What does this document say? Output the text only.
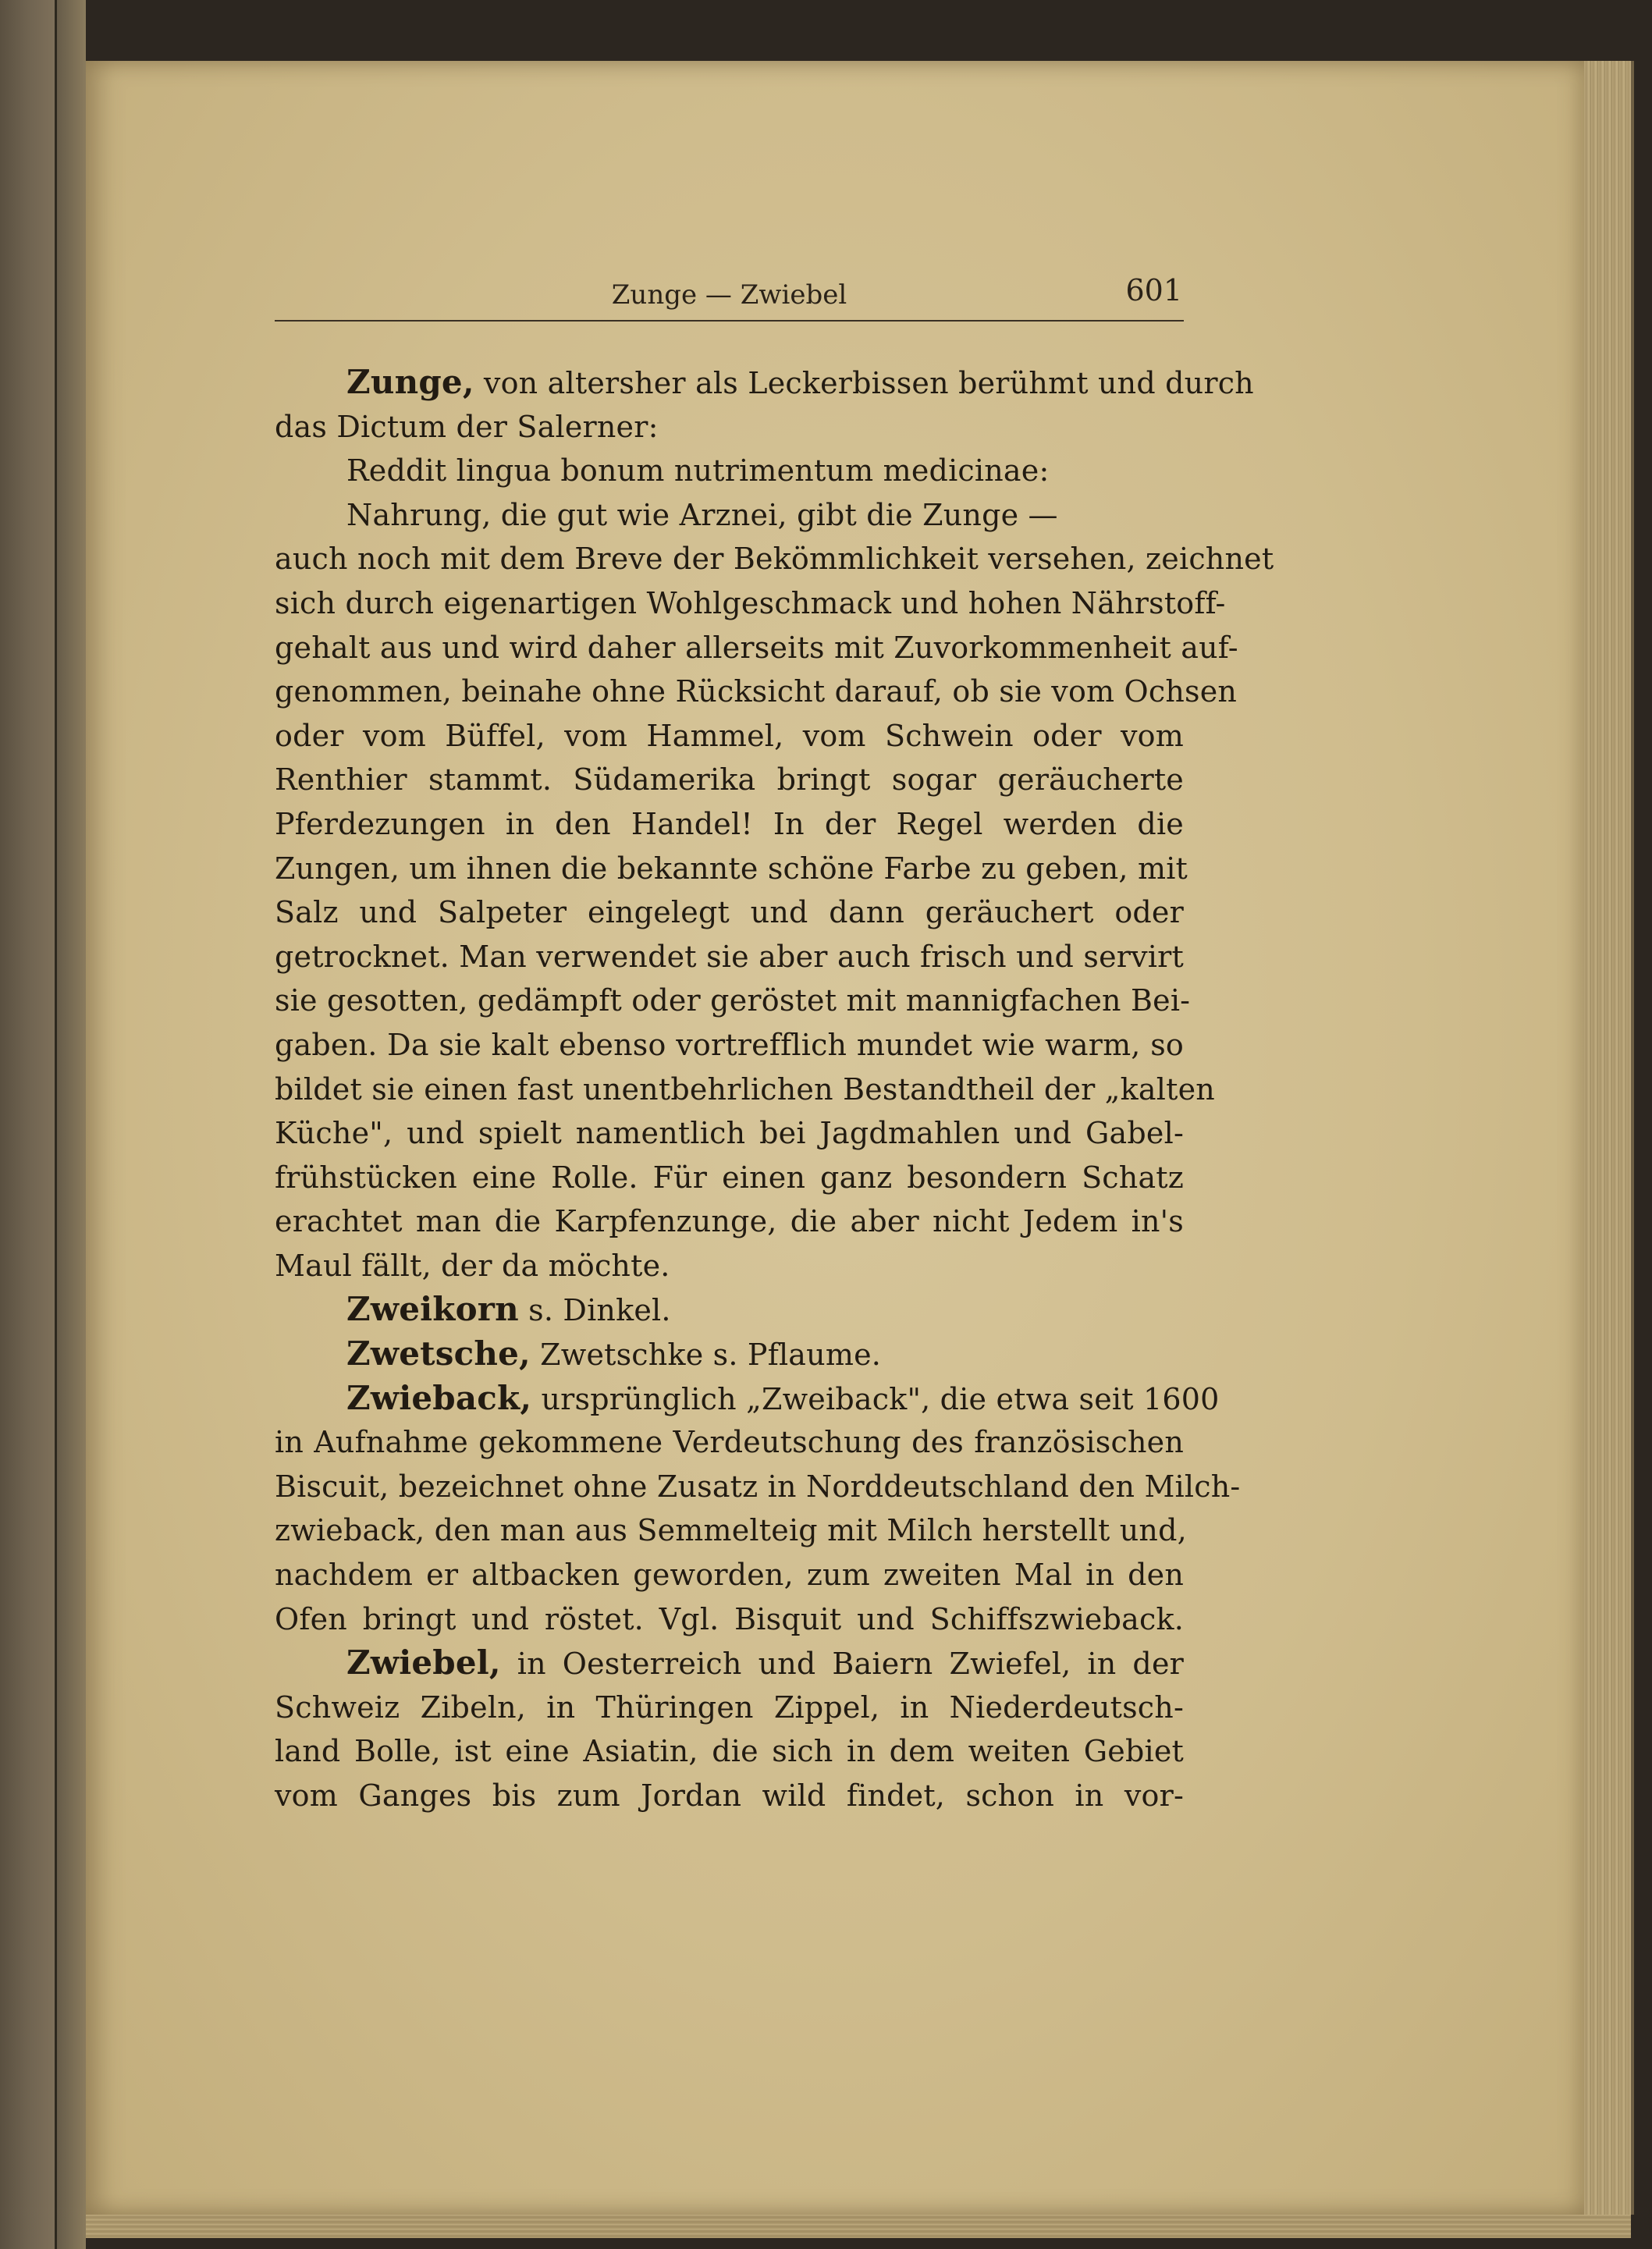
Zunge — Zwiebel	601
Zunge, von altersher als Leckerbissen berühmt und durch
das Dictum der Salerner:
Reddit lingua bonum nutrimentum medicinae:
Nahrung, die gut wie Arznei, gibt die Zunge —
auch noch mit dem Breve der Bekömmlichkeit versehen, zeichnet
sich durch eigenartigen Wohlgeschmack und hohen Nährstoff-
gehalt aus und wird daher allerseits mit Zuvorkommenheit auf-
genommen, beinahe ohne Rücksicht darauf, ob sie vom Ochsen
oder vom Büffel, vom Hammel, vom Schwein oder vom
Renthier stammt. Südamerika bringt sogar geräucherte
Pferdezungen in den Handel! In der Regel werden die
Zungen, um ihnen die bekannte schöne Farbe zu geben, mit
Salz und Salpeter eingelegt und dann geräuchert oder
getrocknet. Man verwendet sie aber auch frisch und servirt
sie gesotten, gedämpft oder geröstet mit mannigfachen Bei-
gaben. Da sie kalt ebenso vortrefflich mundet wie warm, so
bildet sie einen fast unentbehrlichen Bestandtheil der „kalten
Küche", und spielt namentlich bei Jagdmahlen und Gabel-
frühstücken eine Rolle. Für einen ganz besondern Schatz
erachtet man die Karpfenzunge, die aber nicht Jedem in's
Maul fällt, der da möchte.
Zweikorn s. Dinkel.
Zwetsche, Zwetschke s. Pflaume.
Zwieback, ursprünglich „Zweiback", die etwa seit 1600
in Aufnahme gekommene Verdeutschung des französischen
Biscuit, bezeichnet ohne Zusatz in Norddeutschland den Milch-
zwieback, den man aus Semmelteig mit Milch herstellt und,
nachdem er altbacken geworden, zum zweiten Mal in den
Ofen bringt und röstet. Vgl. Bisquit und Schiffszwieback.
Zwiebel, in Oesterreich und Baiern Zwiefel, in der
Schweiz Zibeln, in Thüringen Zippel, in Niederdeutsch-
land Bolle, ist eine Asiatin, die sich in dem weiten Gebiet
vom Ganges bis zum Jordan wild findet, schon in vor-
